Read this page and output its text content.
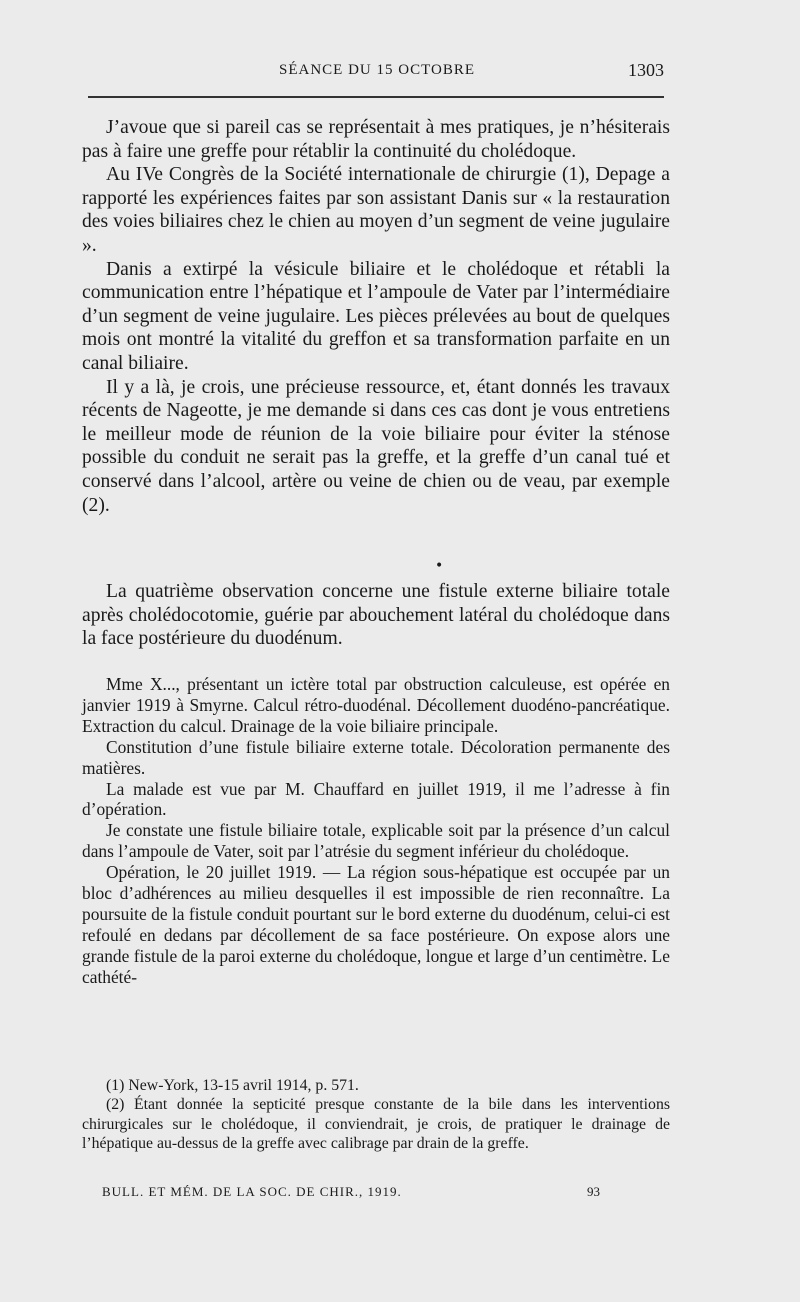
SÉANCE DU 15 OCTOBRE	1303

J’avoue que si pareil cas se représentait à mes pratiques, je n’hésiterais pas à faire une greffe pour rétablir la continuité du cholédoque.

Au IVe Congrès de la Société internationale de chirurgie (1), Depage a rapporté les expériences faites par son assistant Danis sur « la restauration des voies biliaires chez le chien au moyen d’un segment de veine jugulaire ».

Danis a extirpé la vésicule biliaire et le cholédoque et rétabli la communication entre l’hépatique et l’ampoule de Vater par l’intermédiaire d’un segment de veine jugulaire. Les pièces prélevées au bout de quelques mois ont montré la vitalité du greffon et sa transformation parfaite en un canal biliaire.

Il y a là, je crois, une précieuse ressource, et, étant donnés les travaux récents de Nageotte, je me demande si dans ces cas dont je vous entretiens le meilleur mode de réunion de la voie biliaire pour éviter la sténose possible du conduit ne serait pas la greffe, et la greffe d’un canal tué et conservé dans l’alcool, artère ou veine de chien ou de veau, par exemple (2).

•

La quatrième observation concerne une fistule externe biliaire totale après cholédocotomie, guérie par abouchement latéral du cholédoque dans la face postérieure du duodénum.

Mme X..., présentant un ictère total par obstruction calculeuse, est opérée en janvier 1919 à Smyrne. Calcul rétro-duodénal. Décollement duodéno-pancréatique. Extraction du calcul. Drainage de la voie biliaire principale.

Constitution d’une fistule biliaire externe totale. Décoloration permanente des matières.

La malade est vue par M. Chauffard en juillet 1919, il me l’adresse à fin d’opération.

Je constate une fistule biliaire totale, explicable soit par la présence d’un calcul dans l’ampoule de Vater, soit par l’atrésie du segment inférieur du cholédoque.

Opération, le 20 juillet 1919. — La région sous-hépatique est occupée par un bloc d’adhérences au milieu desquelles il est impossible de rien reconnaître. La poursuite de la fistule conduit pourtant sur le bord externe du duodénum, celui-ci est refoulé en dedans par décollement de sa face postérieure. On expose alors une grande fistule de la paroi externe du cholédoque, longue et large d’un centimètre. Le cathété-

(1) New-York, 13-15 avril 1914, p. 571.

(2) Étant donnée la septicité presque constante de la bile dans les interventions chirurgicales sur le cholédoque, il conviendrait, je crois, de pratiquer le drainage de l’hépatique au-dessus de la greffe avec calibrage par drain de la greffe.

BULL. ET MÉM. DE LA SOC. DE CHIR., 1919.	93
